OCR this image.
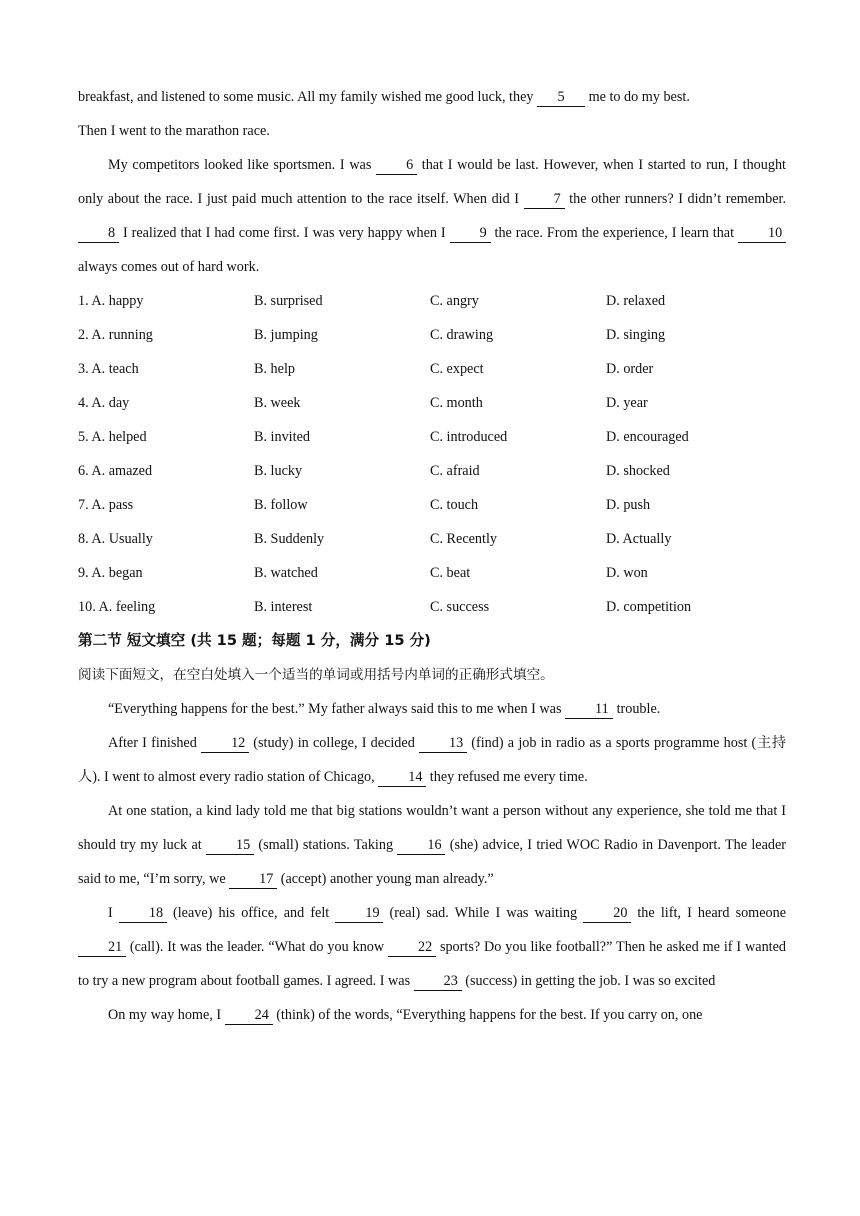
breakfast, and listened to some music. All my family wished me good luck, they 5 me to do my best.
Then I went to the marathon race.
My competitors looked like sportsmen. I was 6 that I would be last. However, when I started to run, I thought only about the race. I just paid much attention to the race itself. When did I 7 the other runners? I didn’t remember. 8 I realized that I had come first. I was very happy when I 9 the race. From the experience, I learn that 10 always comes out of hard work.
1. A. happy	B. surprised	C. angry	D. relaxed
2. A. running	B. jumping	C. drawing	D. singing
3. A. teach	B. help	C. expect	D. order
4. A. day	B. week	C. month	D. year
5. A. helped	B. invited	C. introduced	D. encouraged
6. A. amazed	B. lucky	C. afraid	D. shocked
7. A. pass	B. follow	C. touch	D. push
8. A. Usually	B. Suddenly	C. Recently	D. Actually
9. A. began	B. watched	C. beat	D. won
10. A. feeling	B. interest	C. success	D. competition
第二节 短文填空 (共 15 题；每题 1 分，满分 15 分)
阅读下面短文，在空白处填入一个适当的单词或用括号内单词的正确形式填空。
“Everything happens for the best.” My father always said this to me when I was 11 trouble.
After I finished 12 (study) in college, I decided 13 (find) a job in radio as a sports programme host (主持人). I went to almost every radio station of Chicago, 14 they refused me every time.
At one station, a kind lady told me that big stations wouldn’t want a person without any experience, she told me that I should try my luck at 15 (small) stations. Taking 16 (she) advice, I tried WOC Radio in Davenport. The leader said to me, “I’m sorry, we 17 (accept) another young man already.”
I 18 (leave) his office, and felt 19 (real) sad. While I was waiting 20 the lift, I heard someone 21 (call). It was the leader. “What do you know 22 sports? Do you like football?” Then he asked me if I wanted to try a new program about football games. I agreed. I was 23 (success) in getting the job. I was so excited
On my way home, I 24 (think) of the words, “Everything happens for the best. If you carry on, one
